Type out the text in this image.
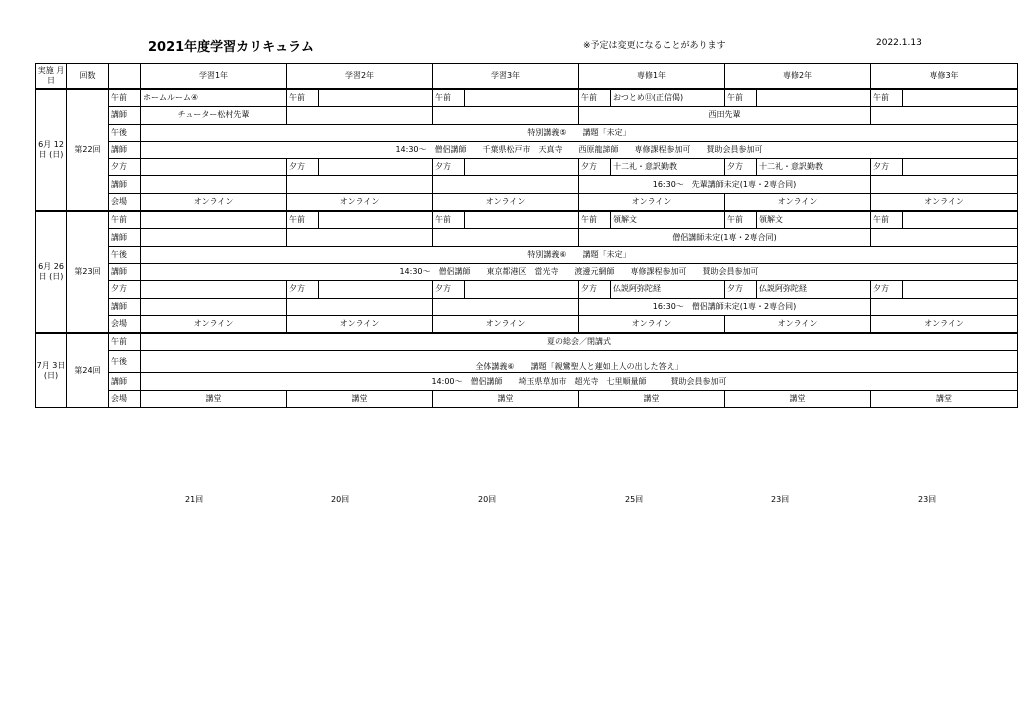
2021年度学習カリキュラム	※予定は変更になることがあります	2022.1.13
実施 月日	回数		学習1年	学習2年		学習3年		専修1年		専修2年		専修3年	
6月 12日 (日)	第22回	午前	ホームルーム④	午前		午前		午前	おつとめ⑪(正信偈)	午前		午前	
		講師	チューター松村先輩					西田先輩					
		午後	特別講義⑤　　講題「未定」										
		講師	14:30〜　僧侶講師　　千葉県松戸市　天真寺　　西原龍諦師　　専修課程参加可　　賛助会員参加可										
		夕方		夕方		夕方		夕方	十二礼・意訳勤教	夕方	十二礼・意訳勤教	夕方	
		講師						16:30〜　先輩講師未定(1専・2専合同)					
		会場	オンライン	オンライン		オンライン		オンライン		オンライン		オンライン	
6月 26日 (日)	第23回	午前		午前		午前		午前	領解文	午前	領解文	午前	
		講師						僧侶講師未定(1専・2専合同)					
		午後	特別講義⑥　　講題「未定」										
		講師	14:30〜　僧侶講師　　東京都港区　當光寺　　渡邊元網師　　専修課程参加可　　賛助会員参加可										
		夕方		夕方		夕方		夕方	仏説阿弥陀経	夕方	仏説阿弥陀経	夕方	
		講師						16:30〜　僧侶講師未定(1専・2専合同)					
		会場	オンライン	オンライン		オンライン		オンライン		オンライン		オンライン	
7月 3日 (日)	第24回	午前	夏の総会／閉講式										
		午後	全体講義⑥　　講題「親鸞聖人と蓮如上人の出した答え」										
		講師	14:00〜　僧侶講師　　埼玉県草加市　超光寺　七里順量師　　　賛助会員参加可										
		会場	講堂	講堂		講堂		講堂		講堂		講堂	
21回	20回	20回	25回	23回	23回
